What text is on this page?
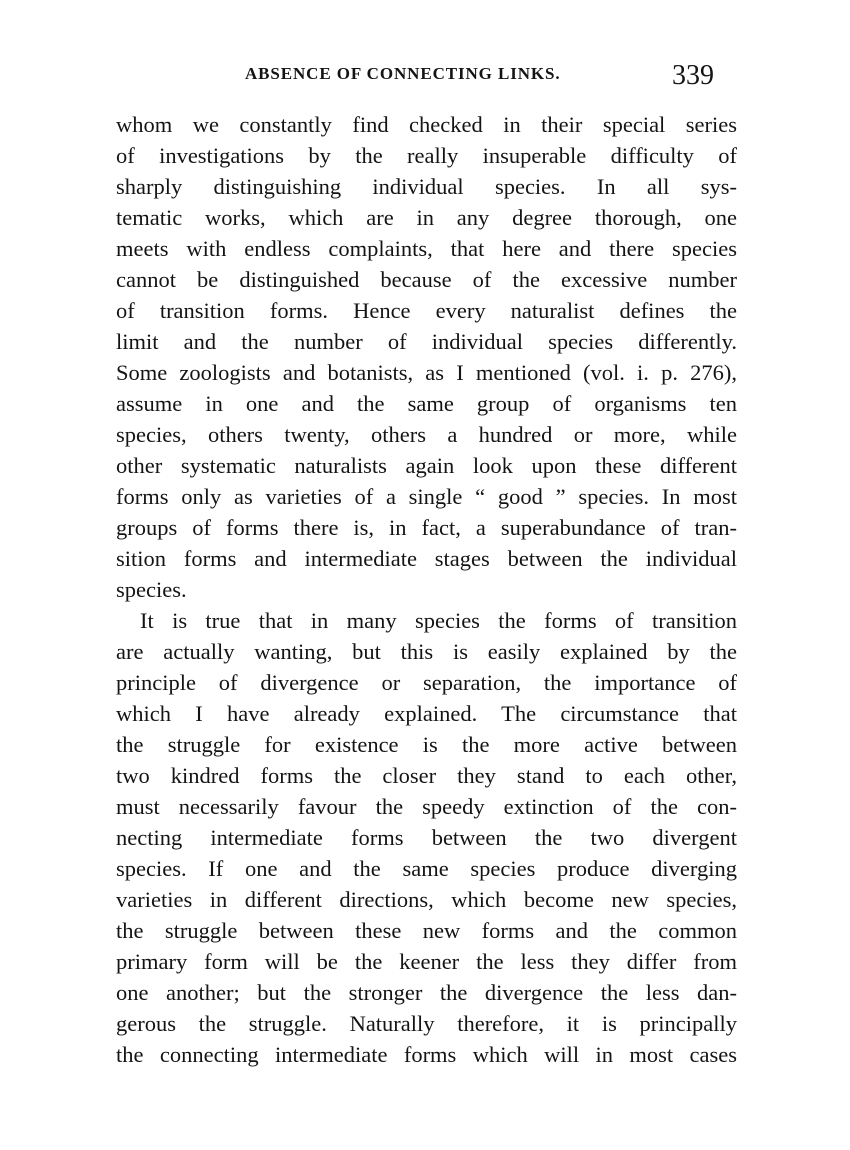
ABSENCE OF CONNECTING LINKS.	339
whom we constantly find checked in their special series
of investigations by the really insuperable difficulty of
sharply distinguishing individual species. In all sys-
tematic works, which are in any degree thorough, one
meets with endless complaints, that here and there species
cannot be distinguished because of the excessive number
of transition forms. Hence every naturalist defines the
limit and the number of individual species differently.
Some zoologists and botanists, as I mentioned (vol. i. p. 276),
assume in one and the same group of organisms ten
species, others twenty, others a hundred or more, while
other systematic naturalists again look upon these different
forms only as varieties of a single “ good ” species. In most
groups of forms there is, in fact, a superabundance of tran-
sition forms and intermediate stages between the individual
species.
It is true that in many species the forms of transition
are actually wanting, but this is easily explained by the
principle of divergence or separation, the importance of
which I have already explained. The circumstance that
the struggle for existence is the more active between
two kindred forms the closer they stand to each other,
must necessarily favour the speedy extinction of the con-
necting intermediate forms between the two divergent
species. If one and the same species produce diverging
varieties in different directions, which become new species,
the struggle between these new forms and the common
primary form will be the keener the less they differ from
one another; but the stronger the divergence the less dan-
gerous the struggle. Naturally therefore, it is principally
the connecting intermediate forms which will in most cases
